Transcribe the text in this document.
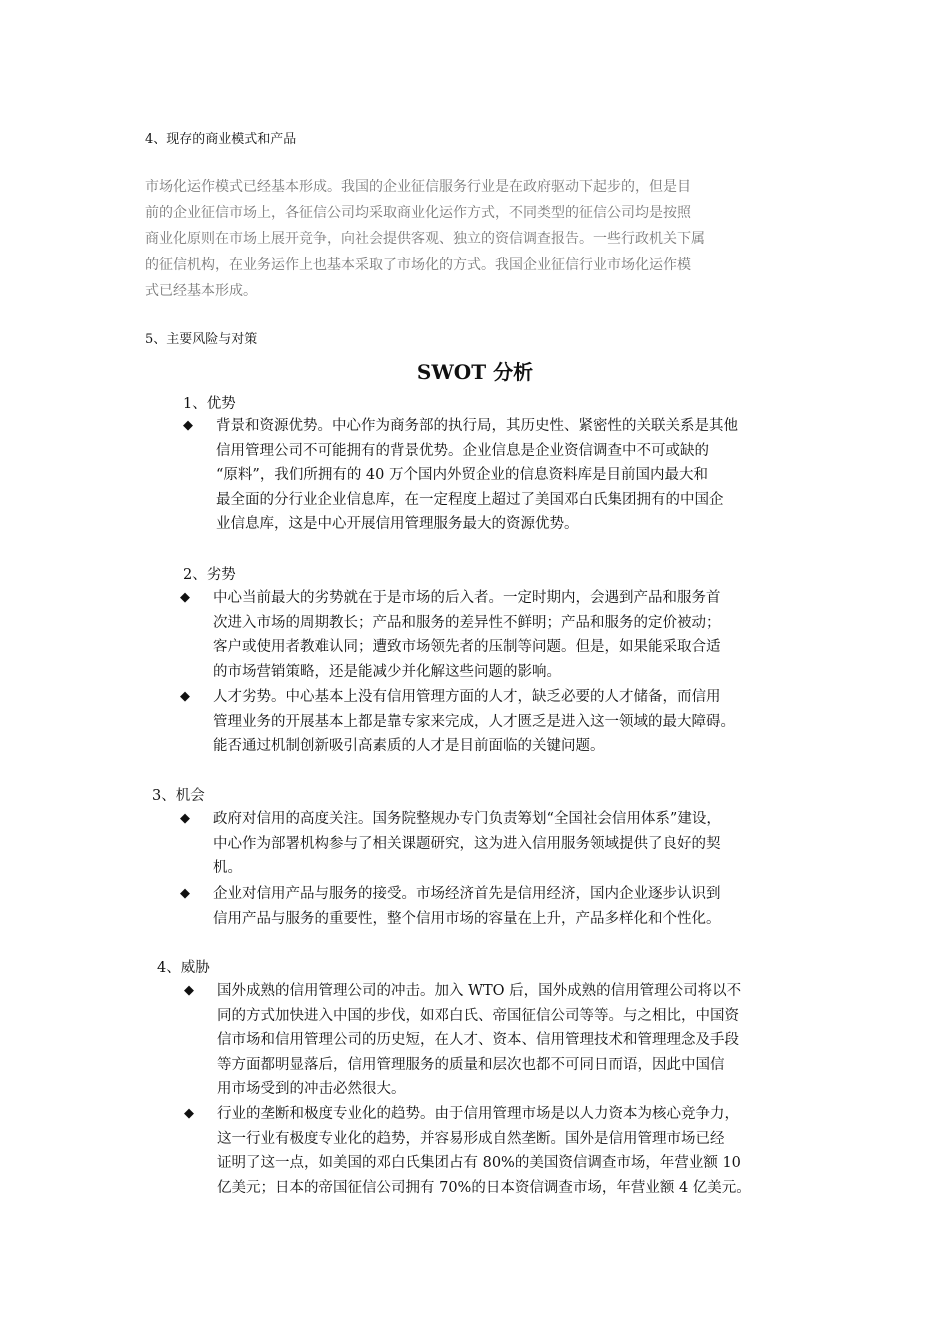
4、现存的商业模式和产品
市场化运作模式已经基本形成。我国的企业征信服务行业是在政府驱动下起步的，但是目
前的企业征信市场上，各征信公司均采取商业化运作方式，不同类型的征信公司均是按照
商业化原则在市场上展开竞争，向社会提供客观、独立的资信调查报告。一些行政机关下属
的征信机构，在业务运作上也基本采取了市场化的方式。我国企业征信行业市场化运作模
式已经基本形成。
5、主要风险与对策
SWOT 分析
1、优势
◆ 背景和资源优势。中心作为商务部的执行局，其历史性、紧密性的关联关系是其他
信用管理公司不可能拥有的背景优势。企业信息是企业资信调查中不可或缺的
“原料”，我们所拥有的 40 万个国内外贸企业的信息资料库是目前国内最大和
最全面的分行业企业信息库，在一定程度上超过了美国邓白氏集团拥有的中国企
业信息库，这是中心开展信用管理服务最大的资源优势。
2、劣势
◆ 中心当前最大的劣势就在于是市场的后入者。一定时期内，会遇到产品和服务首
次进入市场的周期教长；产品和服务的差异性不鲜明；产品和服务的定价被动；
客户或使用者教难认同；遭致市场领先者的压制等问题。但是，如果能采取合适
的市场营销策略，还是能减少并化解这些问题的影响。
◆ 人才劣势。中心基本上没有信用管理方面的人才，缺乏必要的人才储备，而信用
管理业务的开展基本上都是靠专家来完成，人才匮乏是进入这一领域的最大障碍。
能否通过机制创新吸引高素质的人才是目前面临的关键问题。
3、机会
◆ 政府对信用的高度关注。国务院整规办专门负责筹划“全国社会信用体系”建设，
中心作为部署机构参与了相关课题研究，这为进入信用服务领域提供了良好的契
机。
◆ 企业对信用产品与服务的接受。市场经济首先是信用经济，国内企业逐步认识到
信用产品与服务的重要性，整个信用市场的容量在上升，产品多样化和个性化。
4、威胁
◆ 国外成熟的信用管理公司的冲击。加入 WTO 后，国外成熟的信用管理公司将以不
同的方式加快进入中国的步伐，如邓白氏、帝国征信公司等等。与之相比，中国资
信市场和信用管理公司的历史短，在人才、资本、信用管理技术和管理理念及手段
等方面都明显落后，信用管理服务的质量和层次也都不可同日而语，因此中国信
用市场受到的冲击必然很大。
◆ 行业的垄断和极度专业化的趋势。由于信用管理市场是以人力资本为核心竞争力，
这一行业有极度专业化的趋势，并容易形成自然垄断。国外是信用管理市场已经
证明了这一点，如美国的邓白氏集团占有 80%的美国资信调查市场，年营业额 10
亿美元；日本的帝国征信公司拥有 70%的日本资信调查市场，年营业额 4 亿美元。
